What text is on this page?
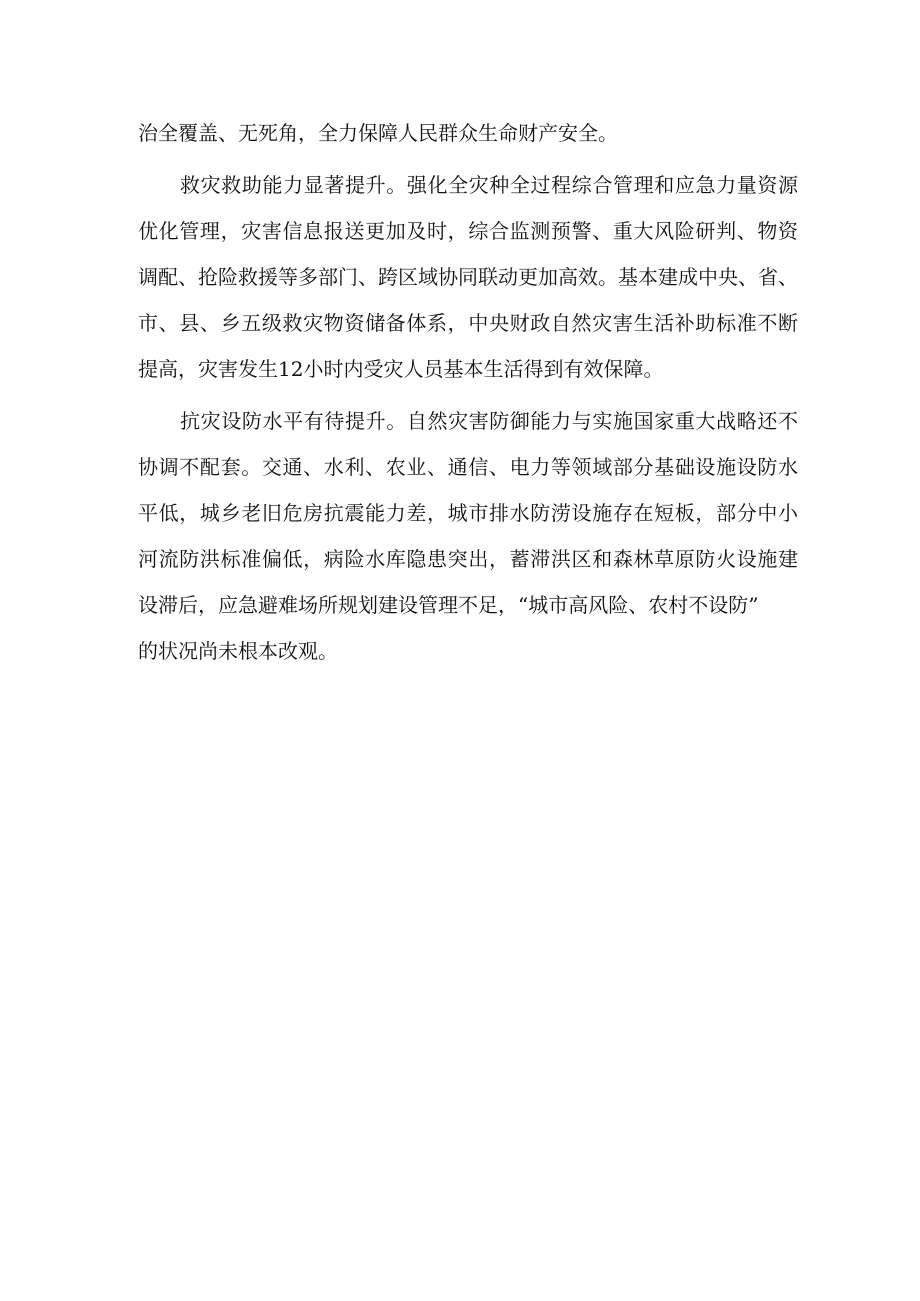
治全覆盖、无死角，全力保障人民群众生命财产安全。

救灾救助能力显著提升。强化全灾种全过程综合管理和应急力量资源
优化管理，灾害信息报送更加及时，综合监测预警、重大风险研判、物资
调配、抢险救援等多部门、跨区域协同联动更加高效。基本建成中央、省、
市、县、乡五级救灾物资储备体系，中央财政自然灾害生活补助标准不断
提高，灾害发生12小时内受灾人员基本生活得到有效保障。

抗灾设防水平有待提升。自然灾害防御能力与实施国家重大战略还不
协调不配套。交通、水利、农业、通信、电力等领域部分基础设施设防水
平低，城乡老旧危房抗震能力差，城市排水防涝设施存在短板，部分中小
河流防洪标准偏低，病险水库隐患突出，蓄滞洪区和森林草原防火设施建
设滞后，应急避难场所规划建设管理不足，“城市高风险、农村不设防”
的状况尚未根本改观。
